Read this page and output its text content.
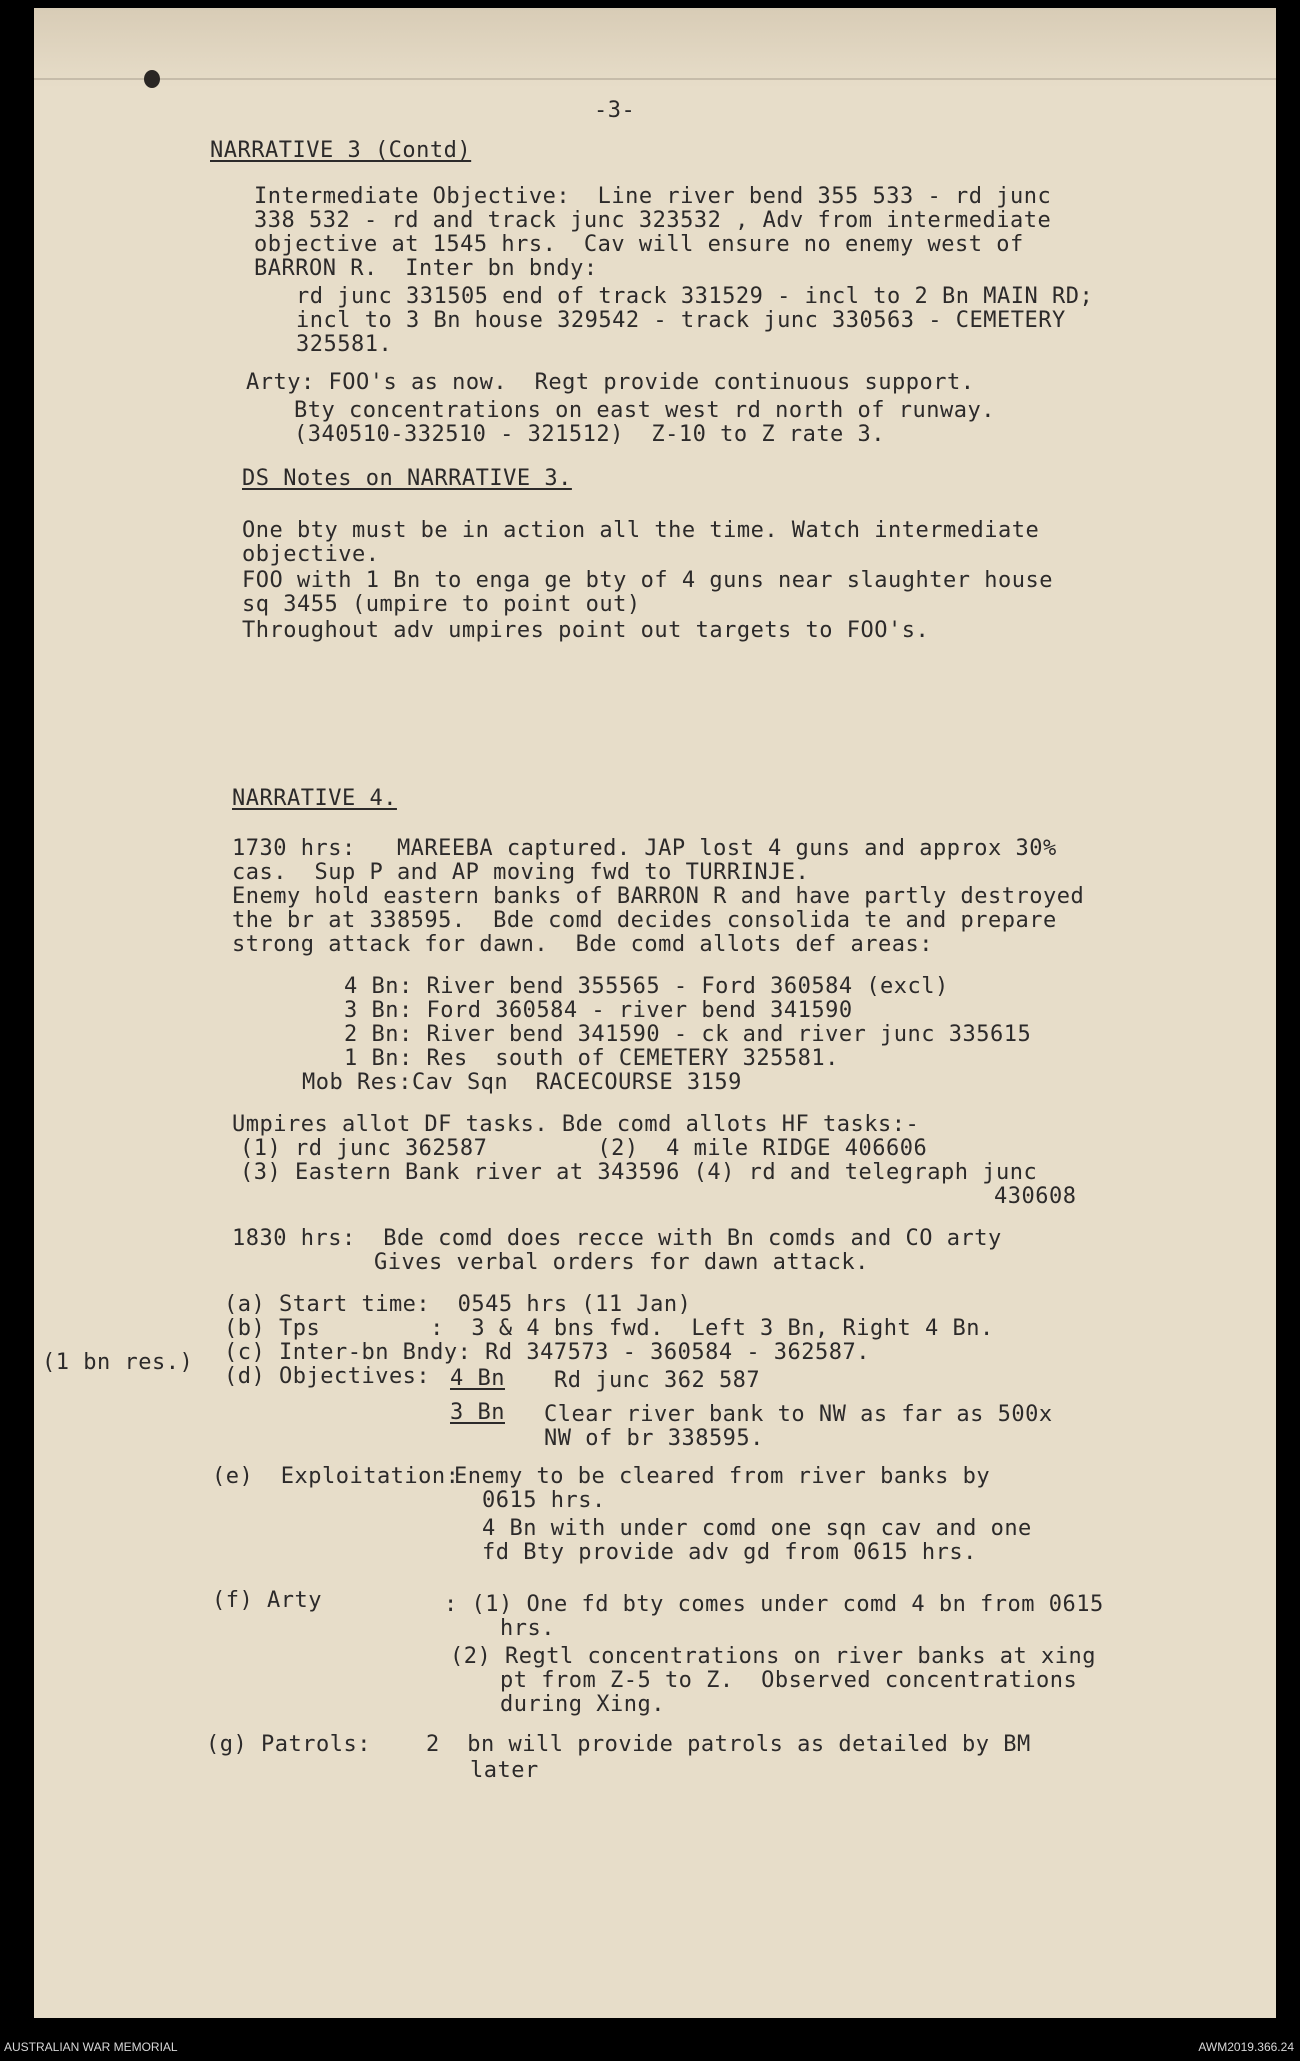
-3-
NARRATIVE 3 (Contd)
Intermediate Objective:  Line river bend 355 533 - rd junc
338 532 - rd and track junc 323532 , Adv from intermediate
objective at 1545 hrs.  Cav will ensure no enemy west of
BARRON R.  Inter bn bndy:
rd junc 331505 end of track 331529 - incl to 2 Bn MAIN RD;
incl to 3 Bn house 329542 - track junc 330563 - CEMETERY
325581.
Arty: FOO's as now.  Regt provide continuous support.
Bty concentrations on east west rd north of runway.
(340510-332510 - 321512)  Z-10 to Z rate 3.
DS Notes on NARRATIVE 3.
One bty must be in action all the time. Watch intermediate
objective.
FOO with 1 Bn to enga ge bty of 4 guns near slaughter house
sq 3455 (umpire to point out)
Throughout adv umpires point out targets to FOO's.
NARRATIVE 4.
1730 hrs:   MAREEBA captured. JAP lost 4 guns and approx 30%
cas.  Sup P and AP moving fwd to TURRINJE.
Enemy hold eastern banks of BARRON R and have partly destroyed
the br at 338595.  Bde comd decides consolida te and prepare
strong attack for dawn.  Bde comd allots def areas:
4 Bn: River bend 355565 - Ford 360584 (excl)
3 Bn: Ford 360584 - river bend 341590
2 Bn: River bend 341590 - ck and river junc 335615
1 Bn: Res  south of CEMETERY 325581.
Mob Res:Cav Sqn  RACECOURSE 3159
Umpires allot DF tasks. Bde comd allots HF tasks:-
(1) rd junc 362587        (2)  4 mile RIDGE 406606
(3) Eastern Bank river at 343596 (4) rd and telegraph junc
430608
1830 hrs:  Bde comd does recce with Bn comds and CO arty
Gives verbal orders for dawn attack.
(1 bn res.)
(a) Start time:  0545 hrs (11 Jan)
(b) Tps        :  3 & 4 bns fwd.  Left 3 Bn, Right 4 Bn.
(c) Inter-bn Bndy: Rd 347573 - 360584 - 362587.
(d) Objectives: 4 Bn Rd junc 362 587
3 Bn Clear river bank to NW as far as 500x
NW of br 338595.
(e)  Exploitation:
Enemy to be cleared from river banks by
0615 hrs.
4 Bn with under comd one sqn cav and one
fd Bty provide adv gd from 0615 hrs.
(f) Arty	: (1) One fd bty comes under comd 4 bn from 0615
hrs.
(2) Regtl concentrations on river banks at xing
pt from Z-5 to Z.  Observed concentrations
during Xing.
(g) Patrols:	2  bn will provide patrols as detailed by BM
later
AUSTRALIAN WAR MEMORIAL	AWM2019.366.24
